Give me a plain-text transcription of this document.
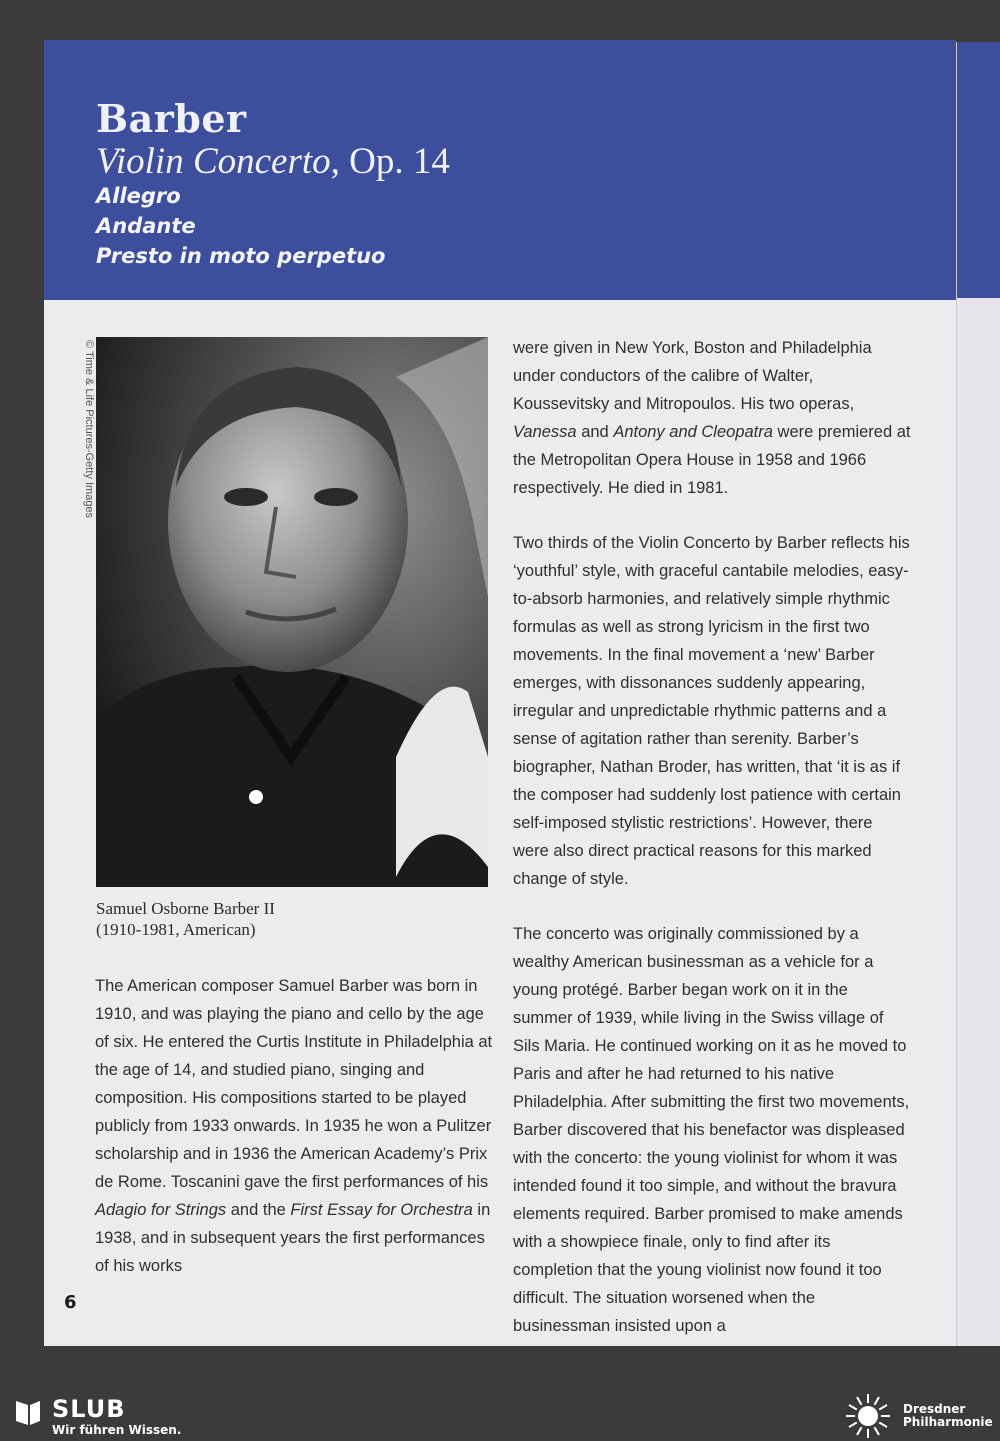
Barber
Violin Concerto, Op. 14
Allegro
Andante
Presto in moto perpetuo
© Time & Life Pictures-Getty Images

Samuel Osborne Barber II

(1910-1981, American)

The American composer Samuel Barber was born in 1910, and was playing the piano and cello by the age of six. He entered the Curtis Institute in Philadelphia at the age of 14, and studied piano, singing and composition. His compositions started to be played publicly from 1933 onwards. In 1935 he won a Pulitzer scholarship and in 1936 the American Academy’s Prix de Rome. Toscanini gave the first performances of his Adagio for Strings and the First Essay for Orchestra in 1938, and in subsequent years the first performances of his works

were given in New York, Boston and Philadelphia under conductors of the calibre of Walter, Koussevitsky and Mitropoulos. His two operas, Vanessa and Antony and Cleopatra were premiered at the Metropolitan Opera House in 1958 and 1966 respectively. He died in 1981.

Two thirds of the Violin Concerto by Barber reflects his ‘youthful’ style, with graceful cantabile melodies, easy-to-absorb harmonies, and relatively simple rhythmic formulas as well as strong lyricism in the first two movements. In the final movement a ‘new’ Barber emerges, with dissonances suddenly appearing, irregular and unpredictable rhythmic patterns and a sense of agitation rather than serenity. Barber’s biographer, Nathan Broder, has written, that ‘it is as if the composer had suddenly lost patience with certain self-imposed stylistic restrictions’. However, there were also direct practical reasons for this marked change of style.

The concerto was originally commissioned by a wealthy American businessman as a vehicle for a young protégé. Barber began work on it in the summer of 1939, while living in the Swiss village of Sils Maria. He continued working on it as he moved to Paris and after he had returned to his native Philadelphia. After submitting the first two movements, Barber discovered that his benefactor was displeased with the concerto: the young violinist for whom it was intended found it too simple, and without the bravura elements required. Barber promised to make amends with a showpiece finale, only to find after its completion that the young violinist now found it too difficult. The situation worsened when the businessman insisted upon a

6
SLUB
Wir führen Wissen.
Dresdner
Philharmonie
